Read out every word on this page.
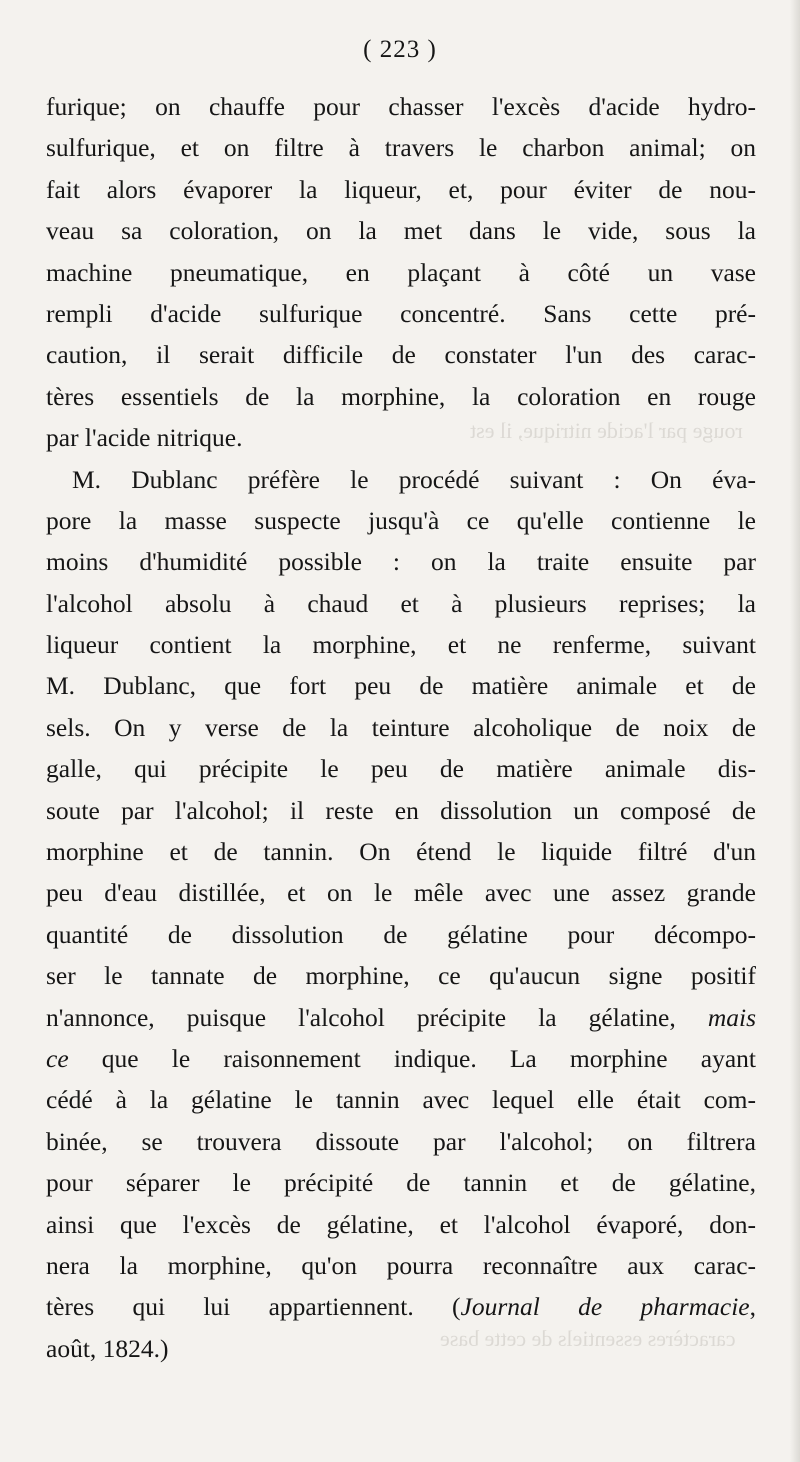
( 223 )
rouge par l'acide nitrique, il est
caractères essentiels de cette base
furique; on chauffe pour chasser l'excès d'acide hydro-
sulfurique, et on filtre à travers le charbon animal; on
fait alors évaporer la liqueur, et, pour éviter de nou-
veau sa coloration, on la met dans le vide, sous la
machine pneumatique, en plaçant à côté un vase
rempli d'acide sulfurique concentré. Sans cette pré-
caution, il serait difficile de constater l'un des carac-
tères essentiels de la morphine, la coloration en rouge
par l'acide nitrique.
M. Dublanc préfère le procédé suivant : On éva-
pore la masse suspecte jusqu'à ce qu'elle contienne le
moins d'humidité possible : on la traite ensuite par
l'alcohol absolu à chaud et à plusieurs reprises; la
liqueur contient la morphine, et ne renferme, suivant
M. Dublanc, que fort peu de matière animale et de
sels. On y verse de la teinture alcoholique de noix de
galle, qui précipite le peu de matière animale dis-
soute par l'alcohol; il reste en dissolution un composé de
morphine et de tannin. On étend le liquide filtré d'un
peu d'eau distillée, et on le mêle avec une assez grande
quantité de dissolution de gélatine pour décompo-
ser le tannate de morphine, ce qu'aucun signe positif
n'annonce, puisque l'alcohol précipite la gélatine, mais
ce que le raisonnement indique. La morphine ayant
cédé à la gélatine le tannin avec lequel elle était com-
binée, se trouvera dissoute par l'alcohol; on filtrera
pour séparer le précipité de tannin et de gélatine,
ainsi que l'excès de gélatine, et l'alcohol évaporé, don-
nera la morphine, qu'on pourra reconnaître aux carac-
tères qui lui appartiennent. (Journal de pharmacie,
août, 1824.)
